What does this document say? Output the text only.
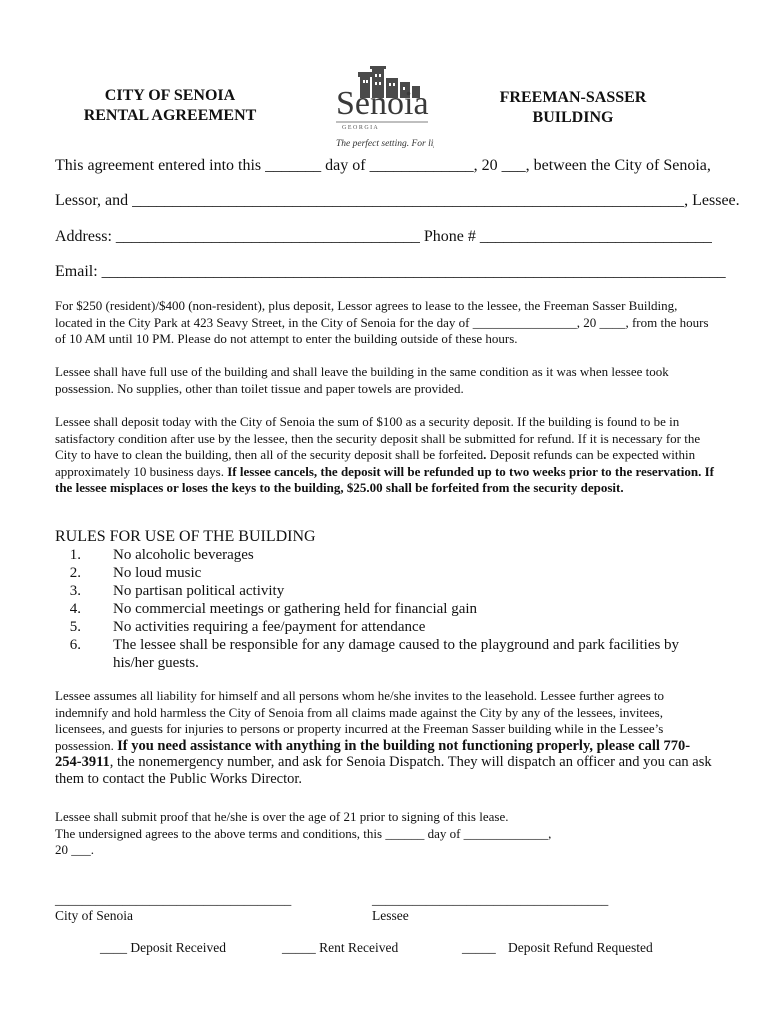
CITY OF SENOIA
RENTAL AGREEMENT	Senoia
G E O R G I A
The perfect setting. For life.
FREEMAN-SASSER
BUILDING
This agreement entered into this _______ day of _____________, 20 ___, between the City of Senoia,
Lessor, and _____________________________________________________________________, Lessee.
Address: ______________________________________ Phone # _____________________________
Email: ______________________________________________________________________________
For $250 (resident)/$400 (non-resident), plus deposit, Lessor agrees to lease to the lessee, the Freeman Sasser Building, located in the City Park at 423 Seavy Street, in the City of Senoia for the day of ________________, 20 ____, from the hours of 10 AM until 10 PM. Please do not attempt to enter the building outside of these hours.
Lessee shall have full use of the building and shall leave the building in the same condition as it was when lessee took possession. No supplies, other than toilet tissue and paper towels are provided.
Lessee shall deposit today with the City of Senoia the sum of $100 as a security deposit. If the building is found to be in satisfactory condition after use by the lessee, then the security deposit shall be submitted for refund. If it is necessary for the City to have to clean the building, then all of the security deposit shall be forfeited. Deposit refunds can be expected within approximately 10 business days. If lessee cancels, the deposit will be refunded up to two weeks prior to the reservation. If the lessee misplaces or loses the keys to the building, $25.00 shall be forfeited from the security deposit.
RULES FOR USE OF THE BUILDING
1.	No alcoholic beverages
2.	No loud music
3.	No partisan political activity
4.	No commercial meetings or gathering held for financial gain
5.	No activities requiring a fee/payment for attendance
6.	The lessee shall be responsible for any damage caused to the playground and park facilities by his/her guests.
Lessee assumes all liability for himself and all persons whom he/she invites to the leasehold. Lessee further agrees to indemnify and hold harmless the City of Senoia from all claims made against the City by any of the lessees, invitees, licensees, and guests for injuries to persons or property incurred at the Freeman Sasser building while in the Lessee’s possession. If you need assistance with anything in the building not functioning properly, please call 770-254-3911, the nonemergency number, and ask for Senoia Dispatch. They will dispatch an officer and you can ask them to contact the Public Works Director.
Lessee shall submit proof that he/she is over the age of 21 prior to signing of this lease.
The undersigned agrees to the above terms and conditions, this ______ day of _____________,
20 ___.
___________________________________
City of Senoia
___________________________________
Lessee
____ Deposit Received	_____ Rent Received	_____ Deposit Refund Requested
